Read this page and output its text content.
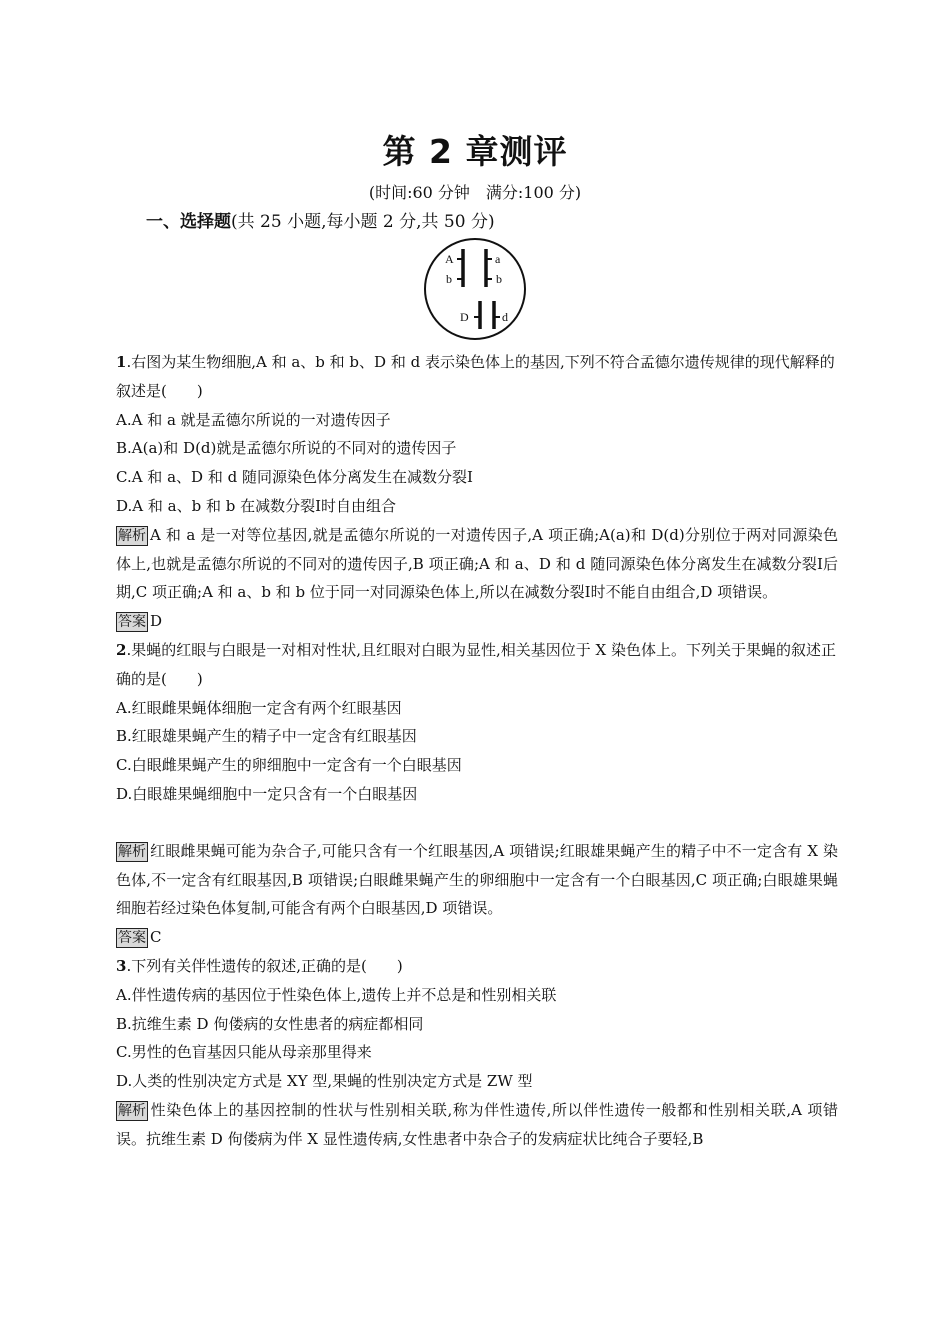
第 2 章测评
(时间:60 分钟　满分:100 分)
一、选择题(共 25 小题,每小题 2 分,共 50 分)
A
b
a
b
D	d

1.右图为某生物细胞,A 和 a、b 和 b、D 和 d 表示染色体上的基因,下列不符合孟德尔遗传规律的现代解释的叙述是(　　)

A.A 和 a 就是孟德尔所说的一对遗传因子

B.A(a)和 D(d)就是孟德尔所说的不同对的遗传因子

C.A 和 a、D 和 d 随同源染色体分离发生在减数分裂Ⅰ

D.A 和 a、b 和 b 在减数分裂Ⅰ时自由组合

解析 A 和 a 是一对等位基因,就是孟德尔所说的一对遗传因子,A 项正确;A(a)和 D(d)分别位于两对同源染色体上,也就是孟德尔所说的不同对的遗传因子,B 项正确;A 和 a、D 和 d 随同源染色体分离发生在减数分裂Ⅰ后期,C 项正确;A 和 a、b 和 b 位于同一对同源染色体上,所以在减数分裂Ⅰ时不能自由组合,D 项错误。

答案 D

2.果蝇的红眼与白眼是一对相对性状,且红眼对白眼为显性,相关基因位于 X 染色体上。下列关于果蝇的叙述正确的是(　　)

A.红眼雌果蝇体细胞一定含有两个红眼基因

B.红眼雄果蝇产生的精子中一定含有红眼基因

C.白眼雌果蝇产生的卵细胞中一定含有一个白眼基因

D.白眼雄果蝇细胞中一定只含有一个白眼基因

解析 红眼雌果蝇可能为杂合子,可能只含有一个红眼基因,A 项错误;红眼雄果蝇产生的精子中不一定含有 X 染色体,不一定含有红眼基因,B 项错误;白眼雌果蝇产生的卵细胞中一定含有一个白眼基因,C 项正确;白眼雄果蝇细胞若经过染色体复制,可能含有两个白眼基因,D 项错误。

答案 C

3.下列有关伴性遗传的叙述,正确的是(　　)

A.伴性遗传病的基因位于性染色体上,遗传上并不总是和性别相关联

B.抗维生素 D 佝偻病的女性患者的病症都相同

C.男性的色盲基因只能从母亲那里得来

D.人类的性别决定方式是 XY 型,果蝇的性别决定方式是 ZW 型

解析 性染色体上的基因控制的性状与性别相关联,称为伴性遗传,所以伴性遗传一般都和性别相关联,A 项错误。抗维生素 D 佝偻病为伴 X 显性遗传病,女性患者中杂合子的发病症状比纯合子要轻,B
